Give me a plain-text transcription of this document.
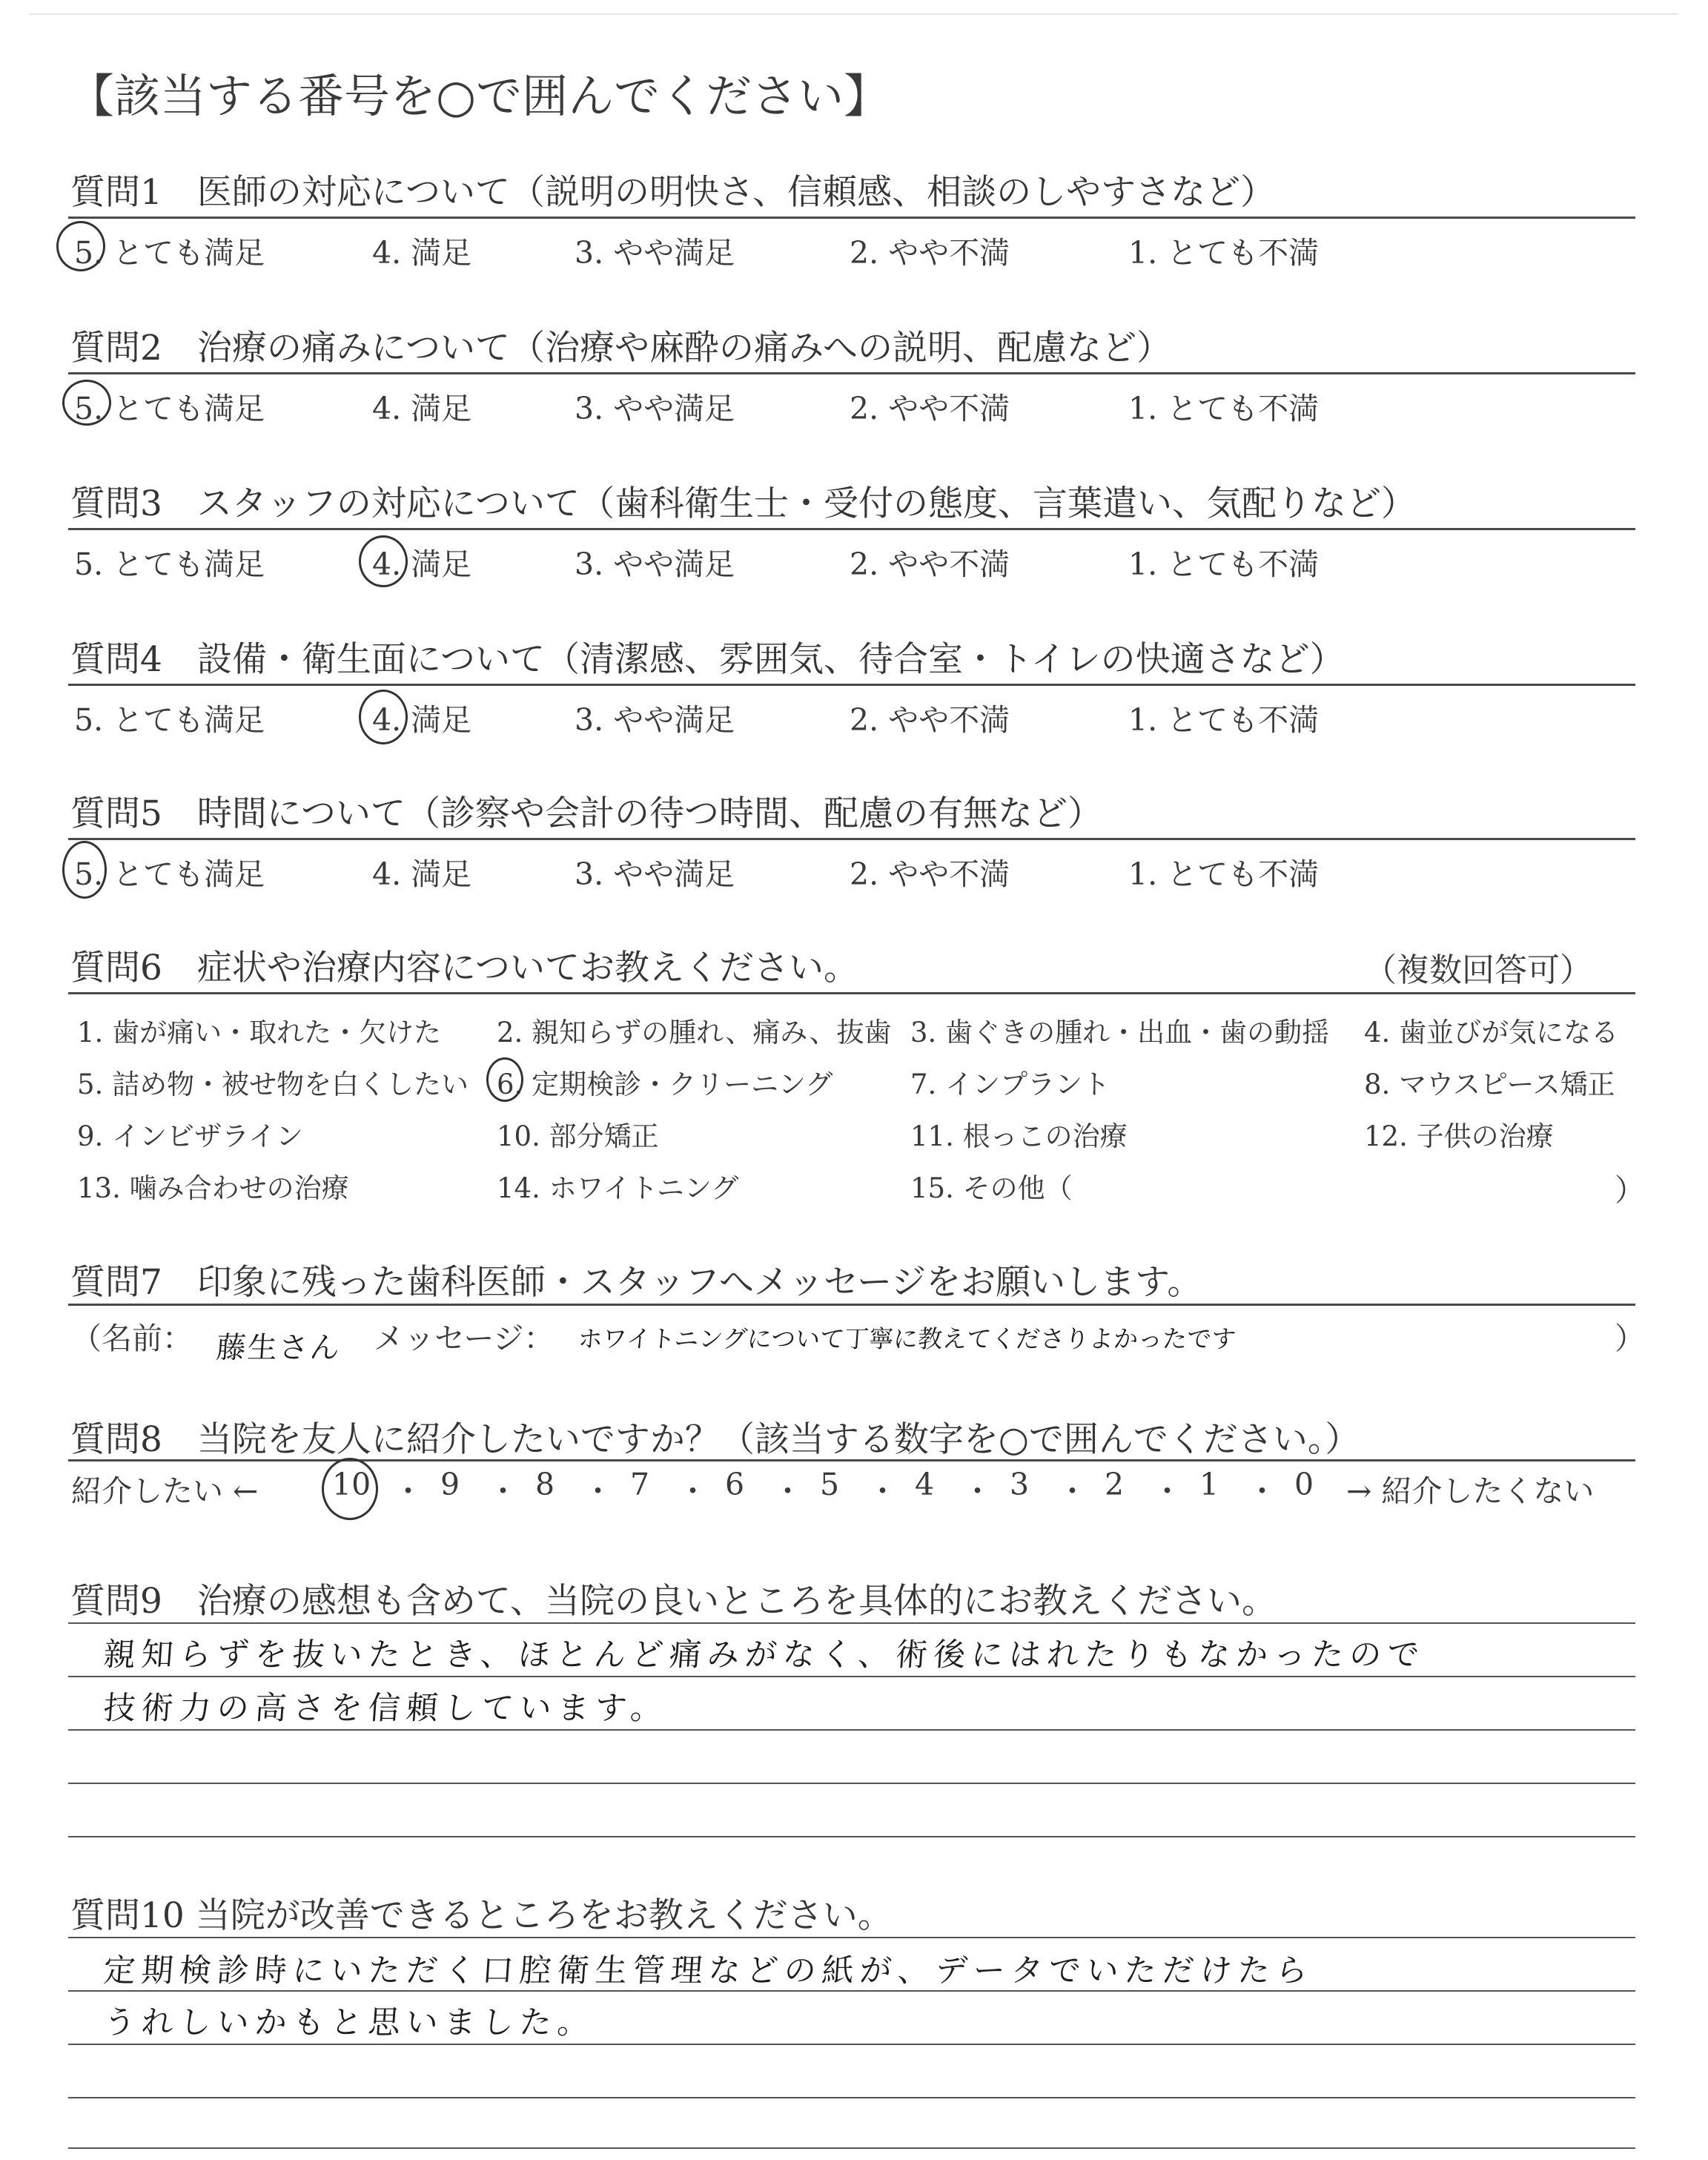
【該当する番号を○で囲んでください】
質問1　医師の対応について（説明の明快さ、信頼感、相談のしやすさなど）
5. とても満足	4. 満足	3. やや満足	2. やや不満	1. とても不満
質問2　治療の痛みについて（治療や麻酔の痛みへの説明、配慮など）
5. とても満足	4. 満足	3. やや満足	2. やや不満	1. とても不満
質問3　スタッフの対応について（歯科衛生士・受付の態度、言葉遣い、気配りなど）
5. とても満足	4. 満足	3. やや満足	2. やや不満	1. とても不満
質問4　設備・衛生面について（清潔感、雰囲気、待合室・トイレの快適さなど）
5. とても満足	4. 満足	3. やや満足	2. やや不満	1. とても不満
質問5　時間について（診察や会計の待つ時間、配慮の有無など）
5. とても満足	4. 満足	3. やや満足	2. やや不満	1. とても不満
質問6　症状や治療内容についてお教えください。	（複数回答可）
1. 歯が痛い・取れた・欠けた 2. 親知らずの腫れ、痛み、抜歯 3. 歯ぐきの腫れ・出血・歯の動揺 4. 歯並びが気になる
5. 詰め物・被せ物を白くしたい 6. 定期検診・クリーニング	7. インプラント	8. マウスピース矯正
9. インビザライン	10. 部分矯正	11. 根っこの治療	12. 子供の治療
13. 噛み合わせの治療	14. ホワイトニング	15. その他（	）
質問7　印象に残った歯科医師・スタッフへメッセージをお願いします。
（名前： 藤生さん メッセージ： ホワイトニングについて丁寧に教えてくださりよかったです	）
質問8　当院を友人に紹介したいですか？（該当する数字を○で囲んでください。）
紹介したい ← 10 ・ 9 ・ 8 ・ 7 ・ 6 ・ 5 ・ 4 ・ 3 ・ 2 ・ 1 ・ 0 → 紹介したくない
質問9　治療の感想も含めて、当院の良いところを具体的にお教えください。
親知らずを抜いたとき、ほとんど痛みがなく、術後にはれたりもなかったので
技術力の高さを信頼しています。
質問10 当院が改善できるところをお教えください。
定期検診時にいただく口腔衛生管理などの紙が、データでいただけたら
うれしいかもと思いました。
